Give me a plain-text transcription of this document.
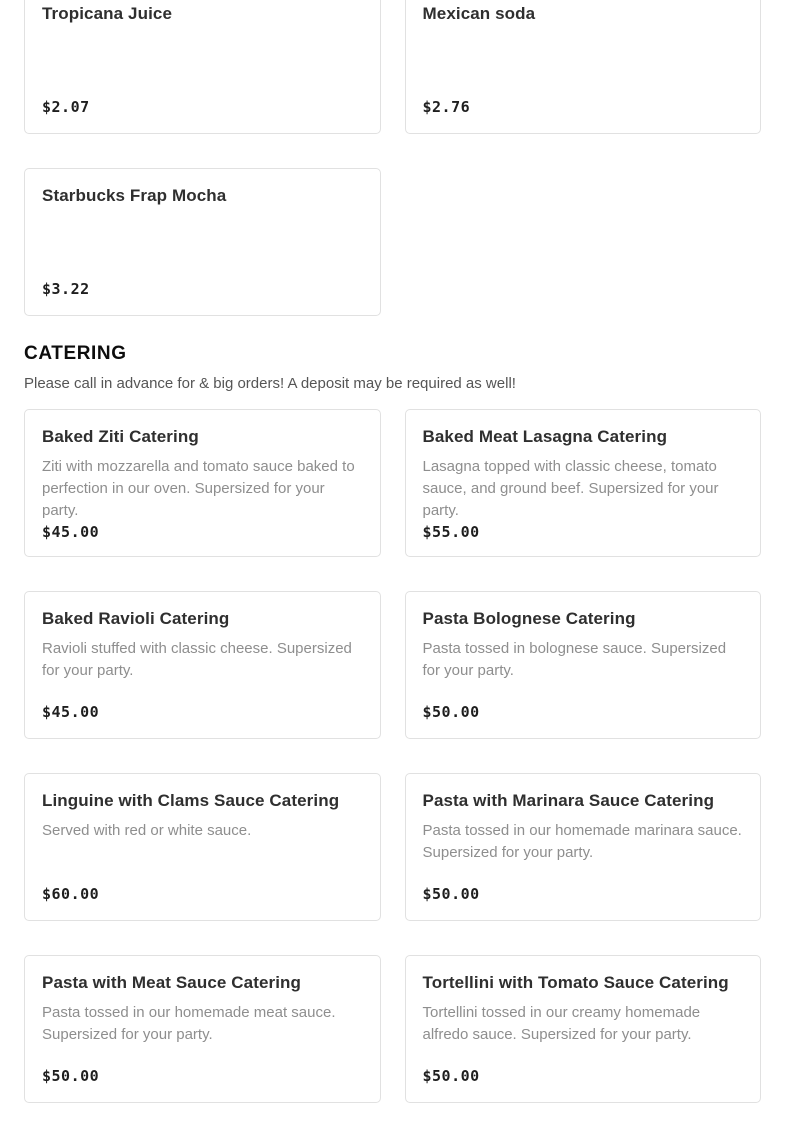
Tropicana Juice

$2.07
Mexican soda

$2.76
Starbucks Frap Mocha

$3.22
CATERING

Please call in advance for & big orders! A deposit may be required as well!

Baked Ziti Catering

Ziti with mozzarella and tomato sauce baked to perfection in our oven. Supersized for your party.

$45.00
Baked Meat Lasagna Catering

Lasagna topped with classic cheese, tomato sauce, and ground beef. Supersized for your party.

$55.00
Baked Ravioli Catering

Ravioli stuffed with classic cheese. Supersized for your party.

$45.00
Pasta Bolognese Catering

Pasta tossed in bolognese sauce. Supersized for your party.

$50.00
Linguine with Clams Sauce Catering

Served with red or white sauce.

$60.00
Pasta with Marinara Sauce Catering

Pasta tossed in our homemade marinara sauce. Supersized for your party.

$50.00
Pasta with Meat Sauce Catering

Pasta tossed in our homemade meat sauce. Supersized for your party.

$50.00
Tortellini with Tomato Sauce Catering

Tortellini tossed in our creamy homemade alfredo sauce. Supersized for your party.

$50.00
